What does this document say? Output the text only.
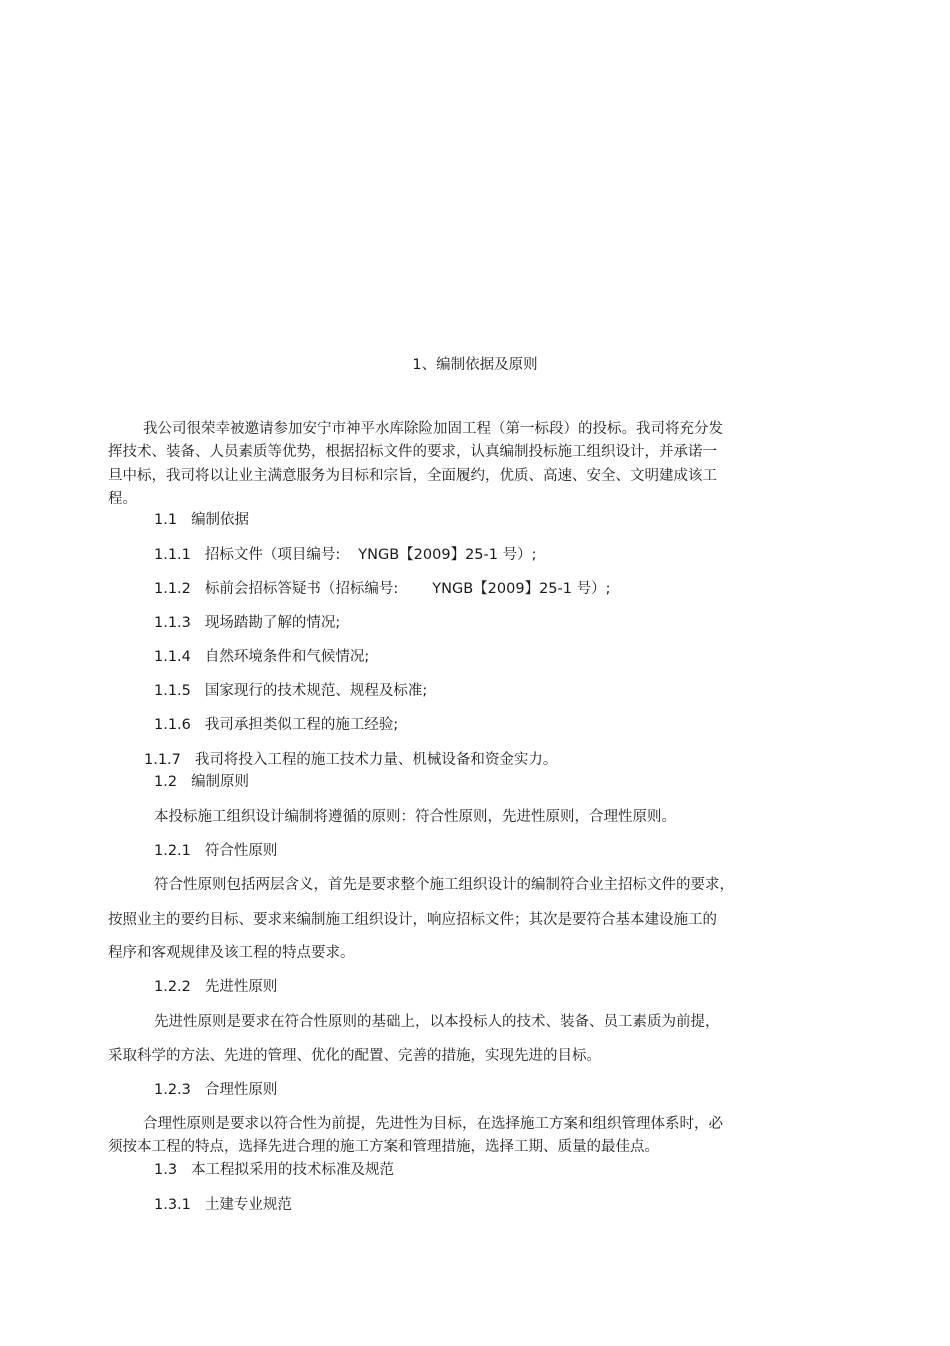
1、编制依据及原则
我公司很荣幸被邀请参加安宁市神平水库除险加固工程（第一标段）的投标。我司将充分发
挥技术、装备、人员素质等优势，根据招标文件的要求，认真编制投标施工组织设计，并承诺一
旦中标，我司将以让业主满意服务为目标和宗旨，全面履约，优质、高速、安全、文明建成该工
程。
1.1 编制依据
1.1.1 招标文件（项目编号: YNGB【2009】25-1 号）;
1.1.2 标前会招标答疑书（招标编号: YNGB【2009】25-1 号）;
1.1.3 现场踏勘了解的情况;
1.1.4 自然环境条件和气候情况;
1.1.5 国家现行的技术规范、规程及标准;
1.1.6 我司承担类似工程的施工经验;
1.1.7 我司将投入工程的施工技术力量、机械设备和资金实力。
1.2 编制原则
本投标施工组织设计编制将遵循的原则：符合性原则，先进性原则，合理性原则。
1.2.1 符合性原则
符合性原则包括两层含义，首先是要求整个施工组织设计的编制符合业主招标文件的要求，
按照业主的要约目标、要求来编制施工组织设计，响应招标文件；其次是要符合基本建设施工的
程序和客观规律及该工程的特点要求。
1.2.2 先进性原则
先进性原则是要求在符合性原则的基础上，以本投标人的技术、装备、员工素质为前提，
采取科学的方法、先进的管理、优化的配置、完善的措施，实现先进的目标。
1.2.3 合理性原则
合理性原则是要求以符合性为前提，先进性为目标，在选择施工方案和组织管理体系时，必
须按本工程的特点，选择先进合理的施工方案和管理措施，选择工期、质量的最佳点。
1.3 本工程拟采用的技术标准及规范
1.3.1 土建专业规范
